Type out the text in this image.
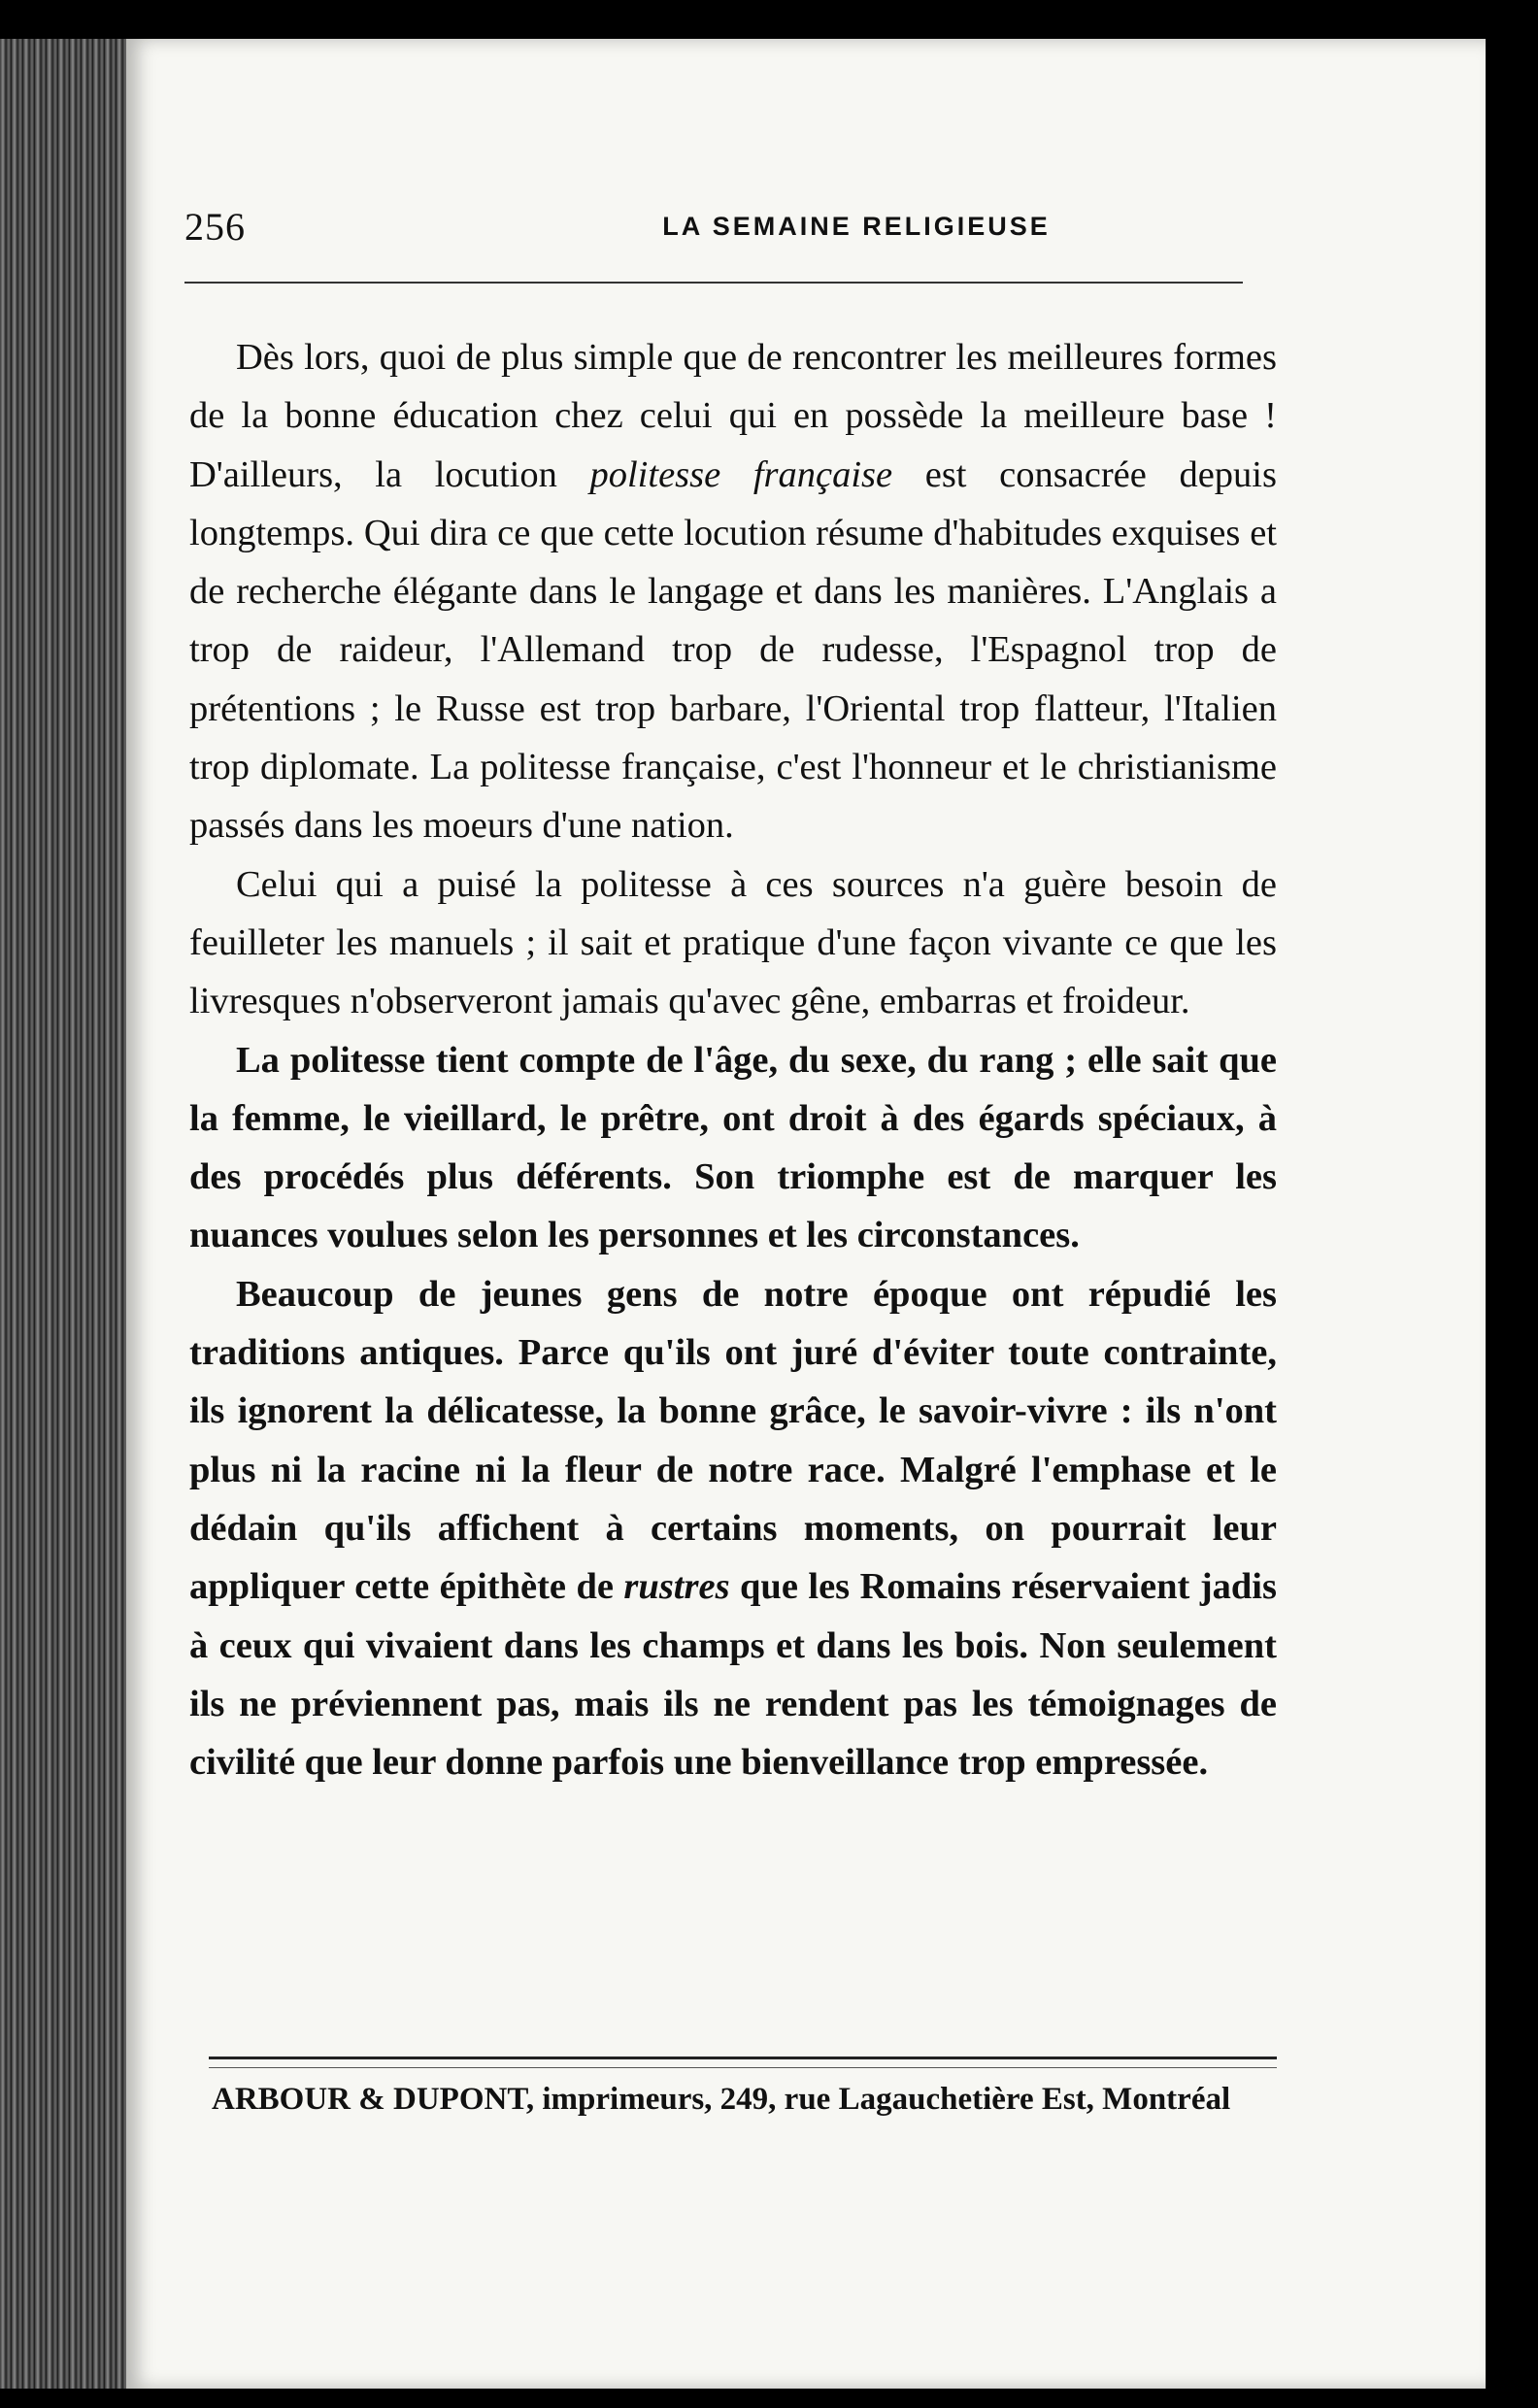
256	LA SEMAINE RELIGIEUSE

Dès lors, quoi de plus simple que de rencontrer les meilleures formes de la bonne éducation chez celui qui en possède la meilleure base ! D'ailleurs, la locution politesse française est consacrée depuis longtemps. Qui dira ce que cette locution résume d'habitudes exquises et de recherche élégante dans le langage et dans les manières. L'Anglais a trop de raideur, l'Allemand trop de rudesse, l'Espagnol trop de prétentions ; le Russe est trop barbare, l'Oriental trop flatteur, l'Italien trop diplomate. La politesse française, c'est l'honneur et le christianisme passés dans les moeurs d'une nation.

Celui qui a puisé la politesse à ces sources n'a guère besoin de feuilleter les manuels ; il sait et pratique d'une façon vivante ce que les livresques n'observeront jamais qu'avec gêne, embarras et froideur.

La politesse tient compte de l'âge, du sexe, du rang ; elle sait que la femme, le vieillard, le prêtre, ont droit à des égards spéciaux, à des procédés plus déférents. Son triomphe est de marquer les nuances voulues selon les personnes et les circonstances.

Beaucoup de jeunes gens de notre époque ont répudié les traditions antiques. Parce qu'ils ont juré d'éviter toute contrainte, ils ignorent la délicatesse, la bonne grâce, le savoir-vivre : ils n'ont plus ni la racine ni la fleur de notre race. Malgré l'emphase et le dédain qu'ils affichent à certains moments, on pourrait leur appliquer cette épithète de rustres que les Romains réservaient jadis à ceux qui vivaient dans les champs et dans les bois. Non seulement ils ne préviennent pas, mais ils ne rendent pas les témoignages de civilité que leur donne parfois une bienveillance trop empressée.

ARBOUR & DUPONT, imprimeurs, 249, rue Lagauchetière Est, Montréal
